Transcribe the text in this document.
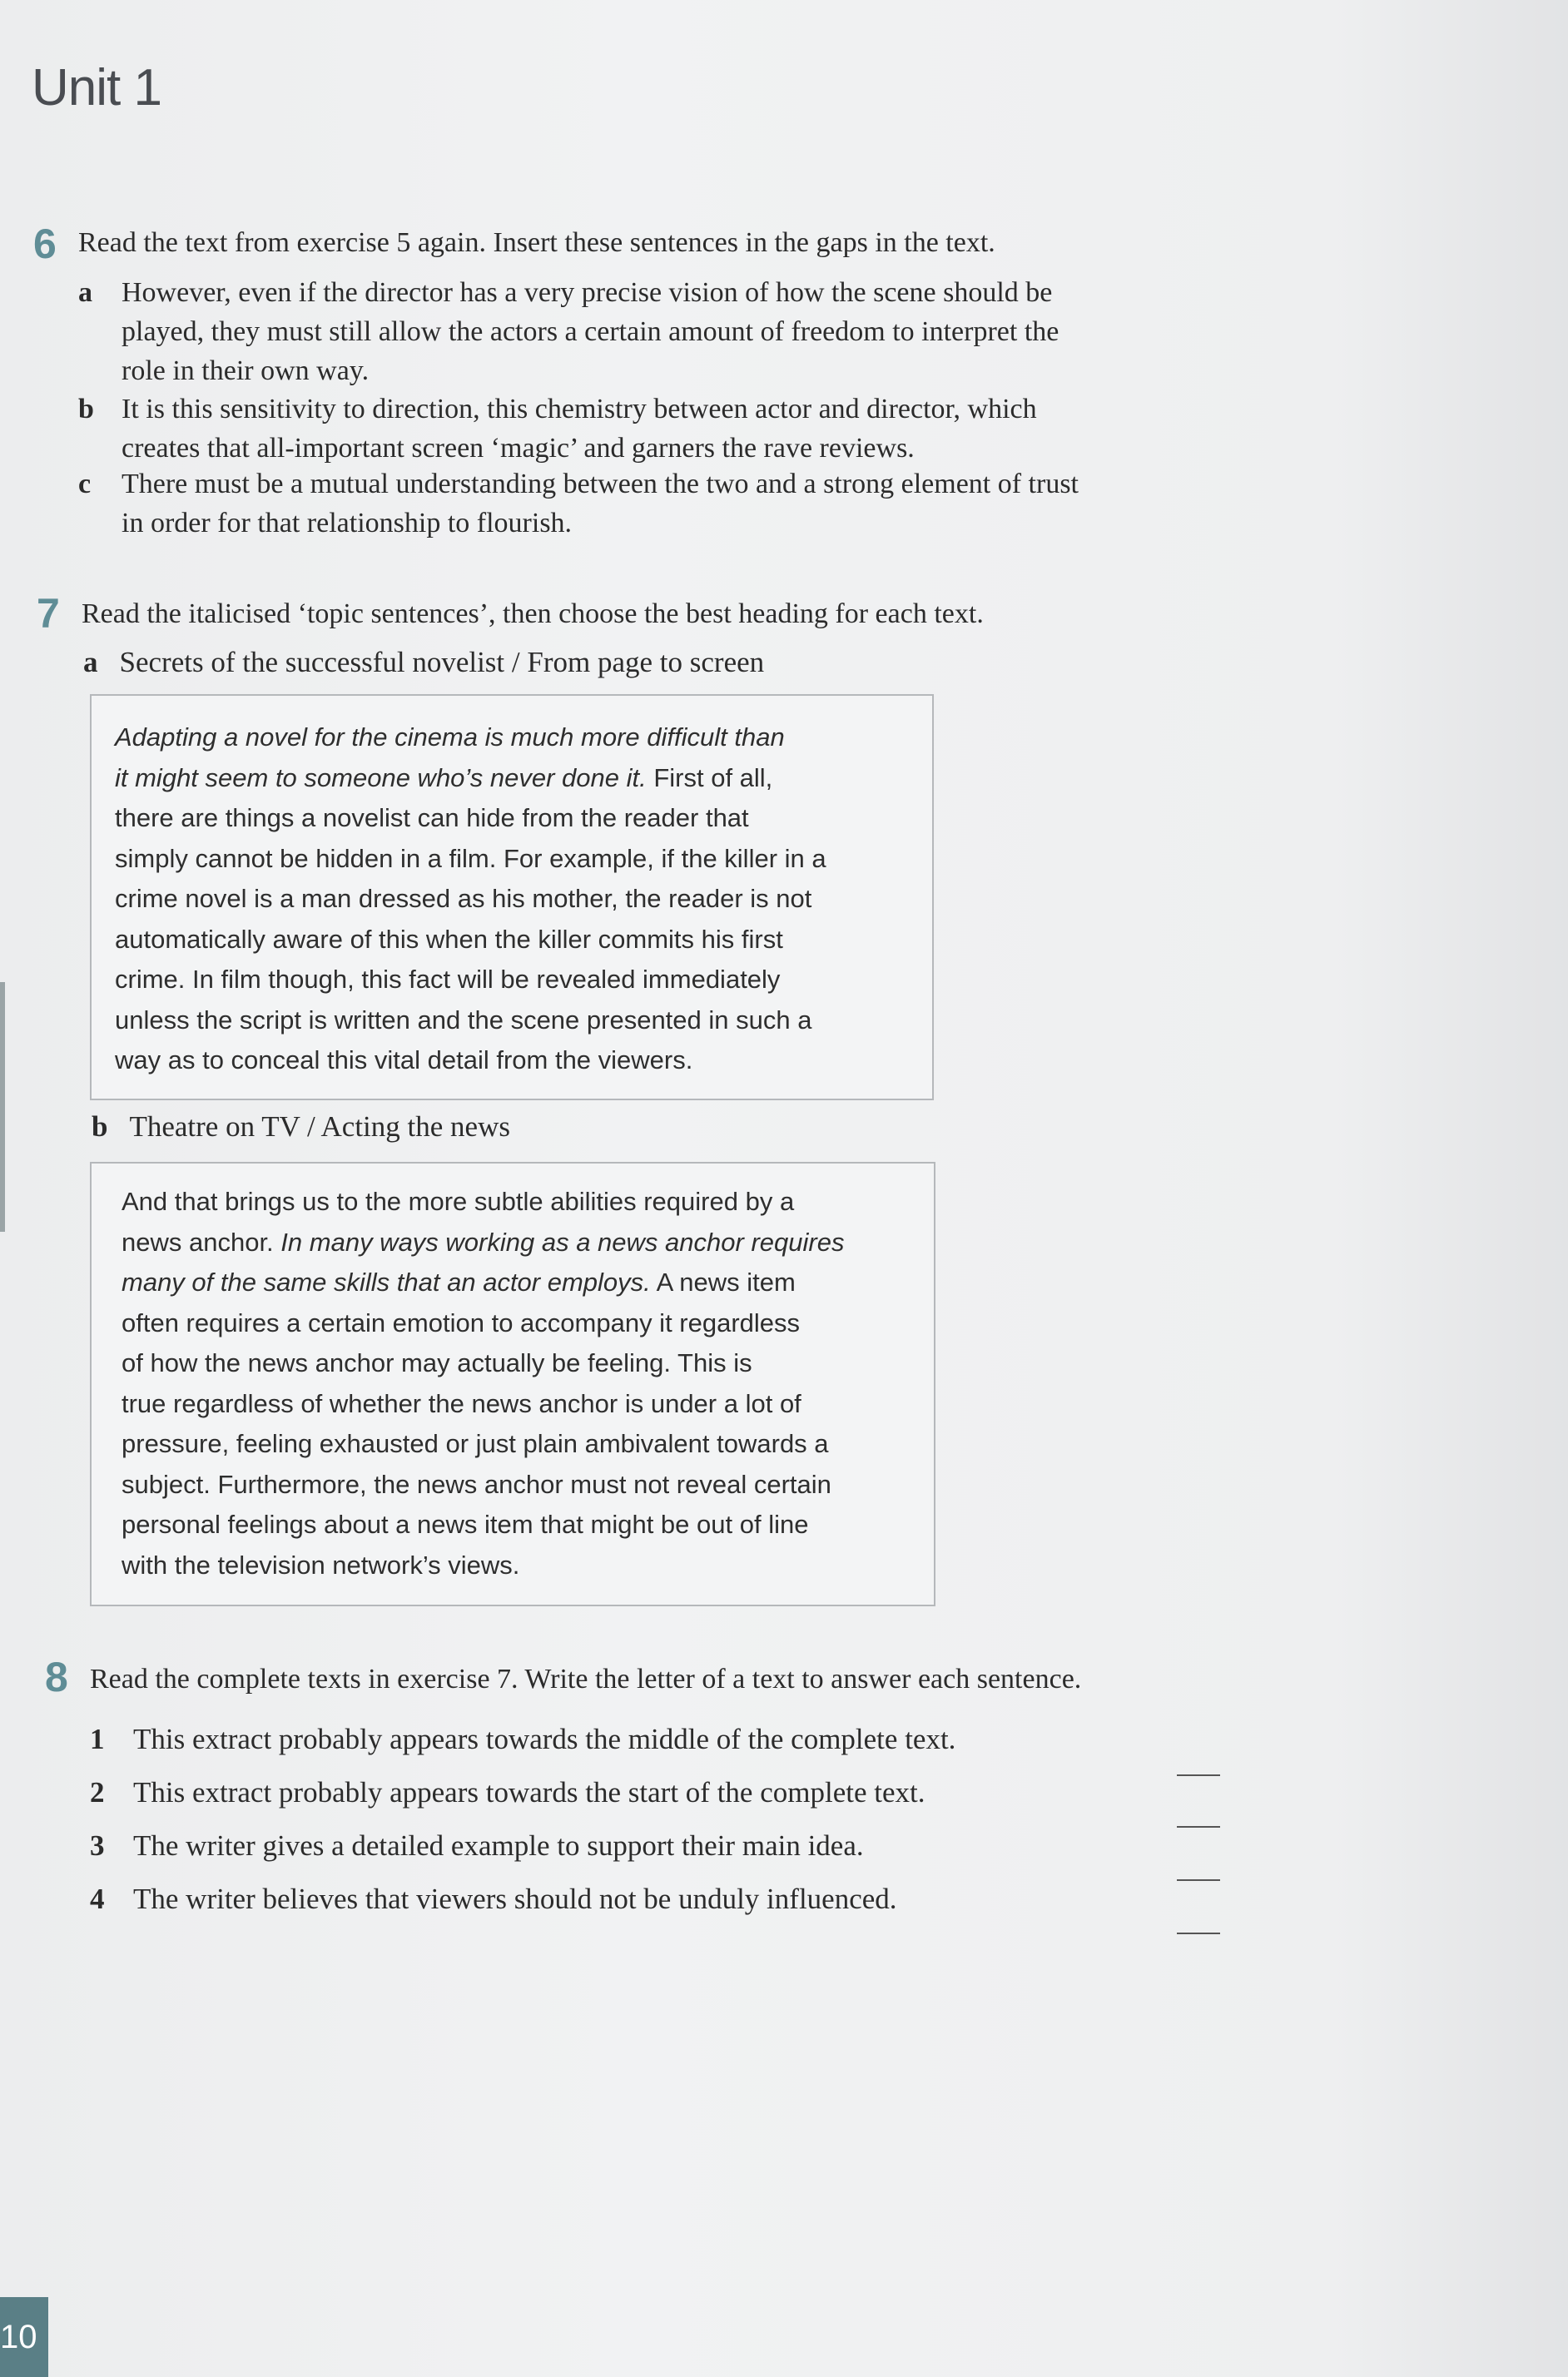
Unit 1
6 Read the text from exercise 5 again. Insert these sentences in the gaps in the text.
a However, even if the director has a very precise vision of how the scene should be
played, they must still allow the actors a certain amount of freedom to interpret the
role in their own way.
b It is this sensitivity to direction, this chemistry between actor and director, which
creates that all-important screen ‘magic’ and garners the rave reviews.
c There must be a mutual understanding between the two and a strong element of trust
in order for that relationship to flourish.
7 Read the italicised ‘topic sentences’, then choose the best heading for each text.
a Secrets of the successful novelist / From page to screen

Adapting a novel for the cinema is much more difficult than

it might seem to someone who’s never done it. First of all,

there are things a novelist can hide from the reader that

simply cannot be hidden in a film. For example, if the killer in a

crime novel is a man dressed as his mother, the reader is not

automatically aware of this when the killer commits his first

crime. In film though, this fact will be revealed immediately

unless the script is written and the scene presented in such a

way as to conceal this vital detail from the viewers.

b Theatre on TV / Acting the news

And that brings us to the more subtle abilities required by a

news anchor. In many ways working as a news anchor requires

many of the same skills that an actor employs. A news item

often requires a certain emotion to accompany it regardless

of how the news anchor may actually be feeling. This is

true regardless of whether the news anchor is under a lot of

pressure, feeling exhausted or just plain ambivalent towards a

subject. Furthermore, the news anchor must not reveal certain

personal feelings about a news item that might be out of line

with the television network’s views.

8 Read the complete texts in exercise 7. Write the letter of a text to answer each sentence.
1 This extract probably appears towards the middle of the complete text.
2 This extract probably appears towards the start of the complete text.
3 The writer gives a detailed example to support their main idea.
4 The writer believes that viewers should not be unduly influenced.
10
